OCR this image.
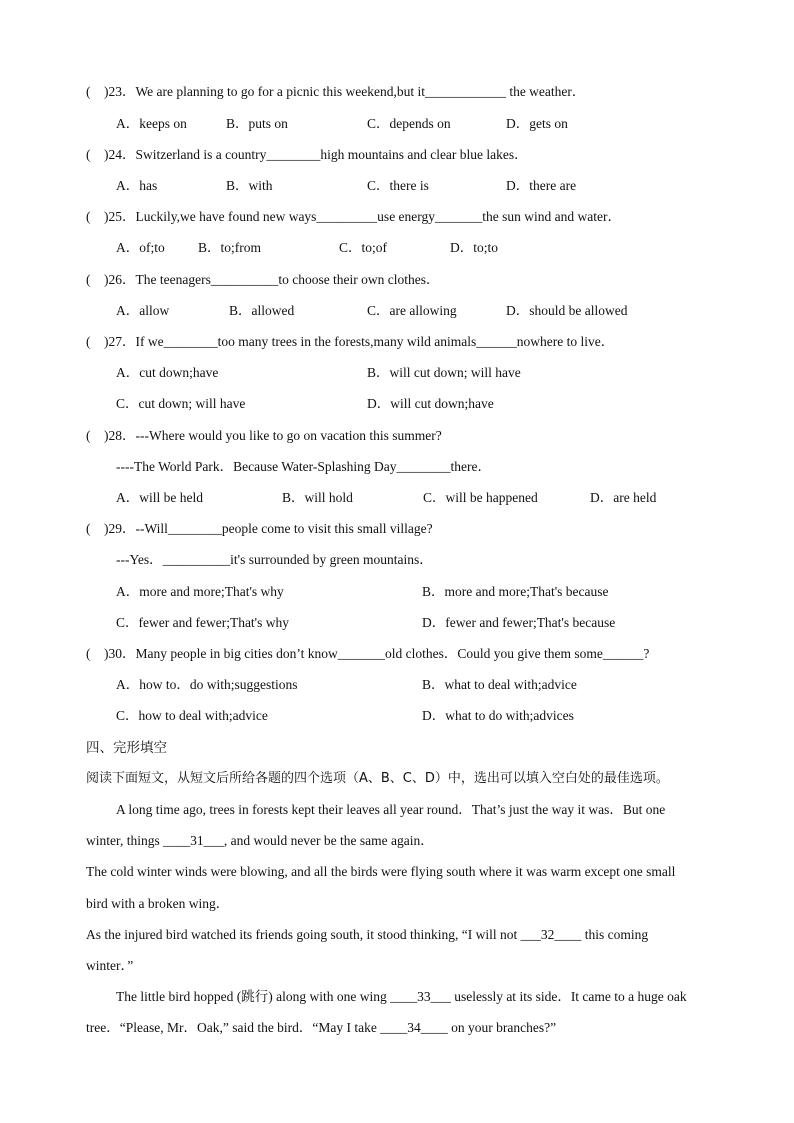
(    )23．We are planning to go for a picnic this weekend,but it____________ the weather．
A．keeps on	B．puts on	C．depends on	D．gets on
(    )24．Switzerland is a country________high mountains and clear blue lakes．
A．has	B．with	C．there is	D．there are
(    )25．Luckily,we have found new ways_________use energy_______the sun wind and water．
A．of;to B．to;from	C．to;of	D．to;to
(    )26．The teenagers__________to choose their own clothes．
A．allow	B．allowed	C．are allowing	D．should be allowed
(    )27．If we________too many trees in the forests,many wild animals______nowhere to live．
A．cut down;have	B．will cut down; will have
C．cut down; will have	D．will cut down;have
(    )28．---Where would you like to go on vacation this summer?
----The World Park．Because Water-Splashing Day________there．
A．will be held	B．will hold	C．will be happened	D．are held
(    )29．--Will________people come to visit this small village?
---Yes．__________it's surrounded by green mountains．
A．more and more;That's why	B．more and more;That's because
C．fewer and fewer;That's why	D．fewer and fewer;That's because
(    )30．Many people in big cities don’t know_______old clothes．Could you give them some______?
A．how to．do with;suggestions	B．what to deal with;advice
C．how to deal with;advice	D．what to do with;advices
四、完形填空
阅读下面短文，从短文后所给各题的四个选项（A、B、C、D）中，选出可以填入空白处的最佳选项。
A long time ago, trees in forests kept their leaves all year round．That’s just the way it was．But one
winter, things ____31___, and would never be the same again．
The cold winter winds were blowing, and all the birds were flying south where it was warm except one small
bird with a broken wing．
As the injured bird watched its friends going south, it stood thinking, “I will not ___32____ this coming
winter．”
The little bird hopped (跳行) along with one wing ____33___ uselessly at its side．It came to a huge oak
tree．“Please, Mr．Oak,” said the bird．“May I take ____34____ on your branches?”
